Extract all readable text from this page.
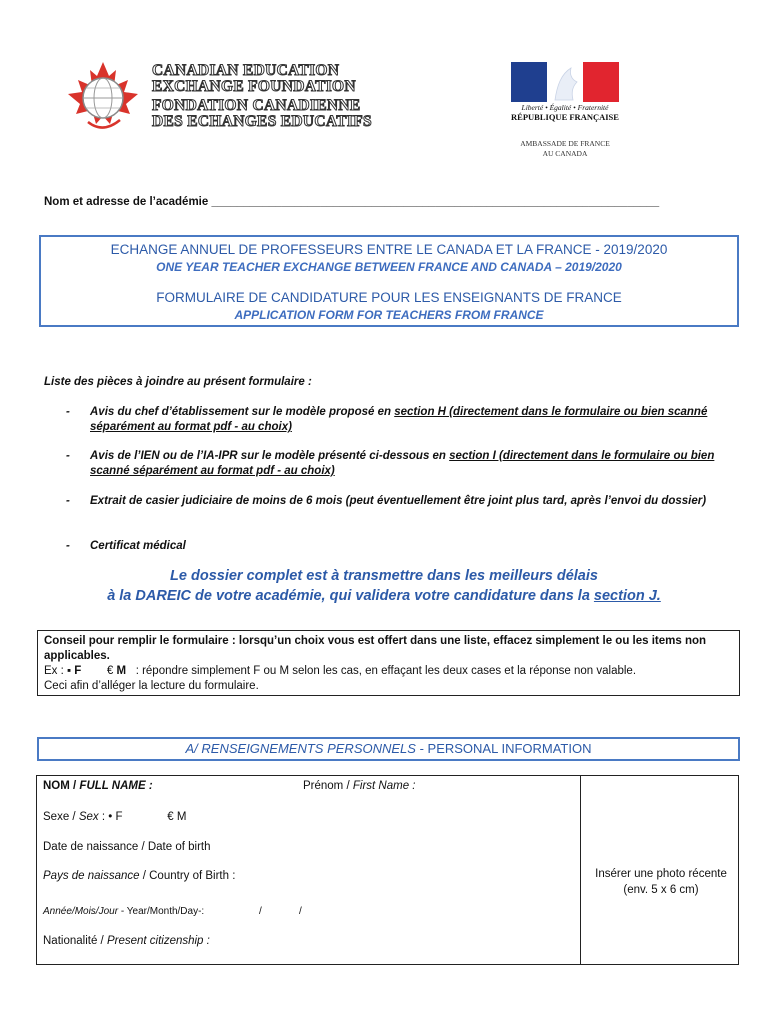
CANADIAN EDUCATION
EXCHANGE FOUNDATION
FONDATION CANADIENNE
DES ECHANGES EDUCATIFS
Liberté • Égalité • Fraternité
RÉPUBLIQUE FRANÇAISE
AMBASSADE DE FRANCE
AU CANADA
Nom et adresse de l’académie ______________________________________________________________________
ECHANGE ANNUEL DE PROFESSEURS ENTRE LE CANADA ET LA FRANCE - 2019/2020
ONE YEAR TEACHER EXCHANGE BETWEEN FRANCE AND CANADA – 2019/2020
FORMULAIRE DE CANDIDATURE POUR LES ENSEIGNANTS DE FRANCE
APPLICATION FORM FOR TEACHERS FROM FRANCE
Liste des pièces à joindre au présent formulaire :
- Avis du chef d’établissement sur le modèle proposé en section H (directement dans le formulaire ou bien scanné séparément au format pdf - au choix)
- Avis de l’IEN ou de l’IA-IPR sur le modèle présenté ci-dessous en section I (directement dans le formulaire ou bien scanné séparément au format pdf - au choix)
- Extrait de casier judiciaire de moins de 6 mois (peut éventuellement être joint plus tard, après l’envoi du dossier)
- Certificat médical
Le dossier complet est à transmettre dans les meilleurs délais
à la DAREIC de votre académie, qui validera votre candidature dans la section J.
Conseil pour remplir le formulaire : lorsqu’un choix vous est offert dans une liste, effacez simplement le ou les items non applicables.
Ex : ▪ F € M : répondre simplement F ou M selon les cas, en effaçant les deux cases et la réponse non valable.
Ceci afin d’alléger la lecture du formulaire.
A/ RENSEIGNEMENTS PERSONNELS - PERSONAL INFORMATION
NOM / FULL NAME :	Prénom / First Name :
Sexe / Sex : • F	€ M
Date de naissance / Date of birth
Pays de naissance / Country of Birth :
Année/Mois/Jour - Year/Month/Day-:	/	/
Nationalité / Present citizenship :
Insérer une photo récente
(env. 5 x 6 cm)
